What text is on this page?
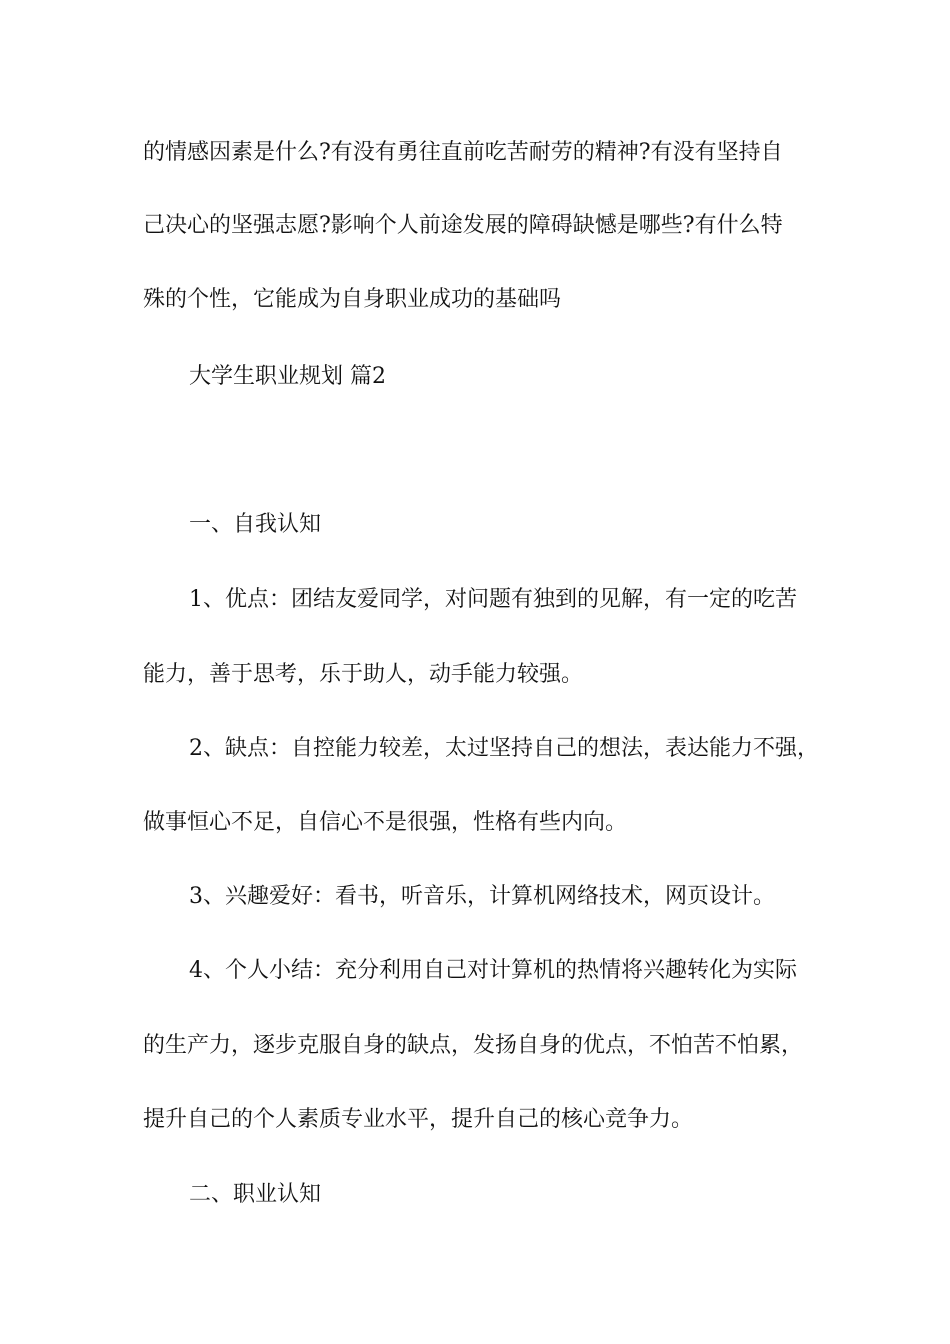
的情感因素是什么?有没有勇往直前吃苦耐劳的精神?有没有坚持自
己决心的坚强志愿?影响个人前途发展的障碍缺憾是哪些?有什么特
殊的个性，它能成为自身职业成功的基础吗
大学生职业规划 篇2
一、自我认知
1、优点：团结友爱同学，对问题有独到的见解，有一定的吃苦
能力，善于思考，乐于助人，动手能力较强。
2、缺点：自控能力较差，太过坚持自己的想法，表达能力不强，
做事恒心不足，自信心不是很强，性格有些内向。
3、兴趣爱好：看书，听音乐，计算机网络技术，网页设计。
4、个人小结：充分利用自己对计算机的热情将兴趣转化为实际
的生产力，逐步克服自身的缺点，发扬自身的优点，不怕苦不怕累，
提升自己的个人素质专业水平，提升自己的核心竞争力。
二、职业认知
